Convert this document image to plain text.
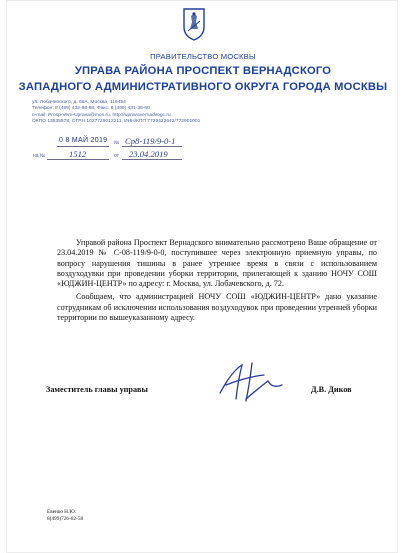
ПРАВИТЕЛЬСТВО МОСКВЫ
УПРАВА РАЙОНА ПРОСПЕКТ ВЕРНАДСКОГО
ЗАПАДНОГО АДМИНИСТРАТИВНОГО ОКРУГА ГОРОДА МОСКВЫ
ул. Лобачевского, д. 66А, Москва, 119454
Телефон: 8 (499) 432-98-88, Факс: 8 (499) 431-36-60
e-mail: Prosp-Vern-Uprava@mos.ru, http://upravavernadvogc.ru
ОКПО 13535578, ОГРН 1027729012211, ИНН/КПП 7729422642/772901001
0 8 МАЙ 2019 № Ср8-119/9-0-1
на №	1512	от 23.04.2019

Управой района Проспект Вернадского внимательно рассмотрено Ваше обращение от 23.04.2019 № С-08-119/9-0-0, поступившее через электронную приемную управы, по вопросу нарушения тишины в ранее утреннее время в связи с использованием воздуходувки при проведении уборки территории, прилегающей к зданию НОЧУ СОШ «ЮДЖИН-ЦЕНТР» по адресу: г. Москва, ул. Лобачевского, д. 72.

Сообщаем, что администрацией НОЧУ СОШ «ЮДЖИН-ЦЕНТР» дано указание сотрудникам об исключении использования воздуходувок при проведении утренней уборки территории по вышеуказанному адресу.

Заместитель главы управы	Д.В. Диков
Евенко Н.Ю.
8(499)726-82-58
